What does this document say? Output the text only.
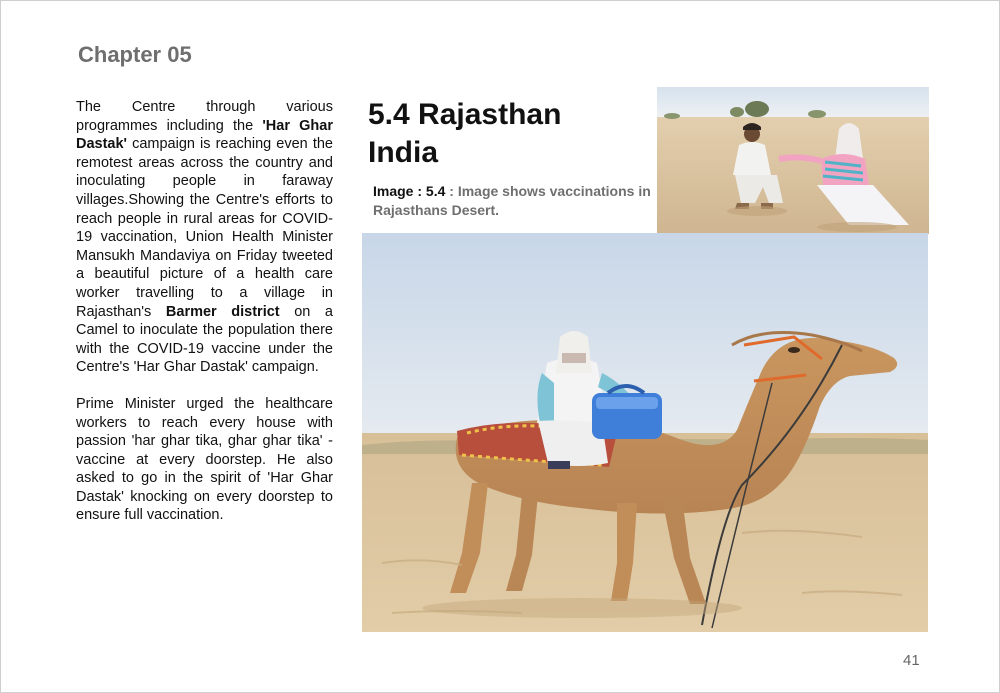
Chapter 05

The Centre through various programmes including the 'Har Ghar Dastak' campaign is reaching even the remotest areas across the country and inoculating people in faraway villages.Showing the Centre's efforts to reach people in rural areas for COVID-19 vaccination, Union Health Minister Mansukh Mandaviya on Friday tweeted a beautiful picture of a health care worker travelling to a village in Rajasthan's Barmer district on a Camel to inoculate the population there with the COVID-19 vaccine under the Centre's 'Har Ghar Dastak' campaign.

Prime Minister urged the healthcare workers to reach every house with passion 'har ghar tika, ghar ghar tika' - vaccine at every doorstep. He also asked to go in the spirit of 'Har Ghar Dastak' knocking on every doorstep to ensure full vaccination.

5.4 Rajasthan
India
Image : 5.4 : Image shows vaccinations in Rajasthans Desert.
41
